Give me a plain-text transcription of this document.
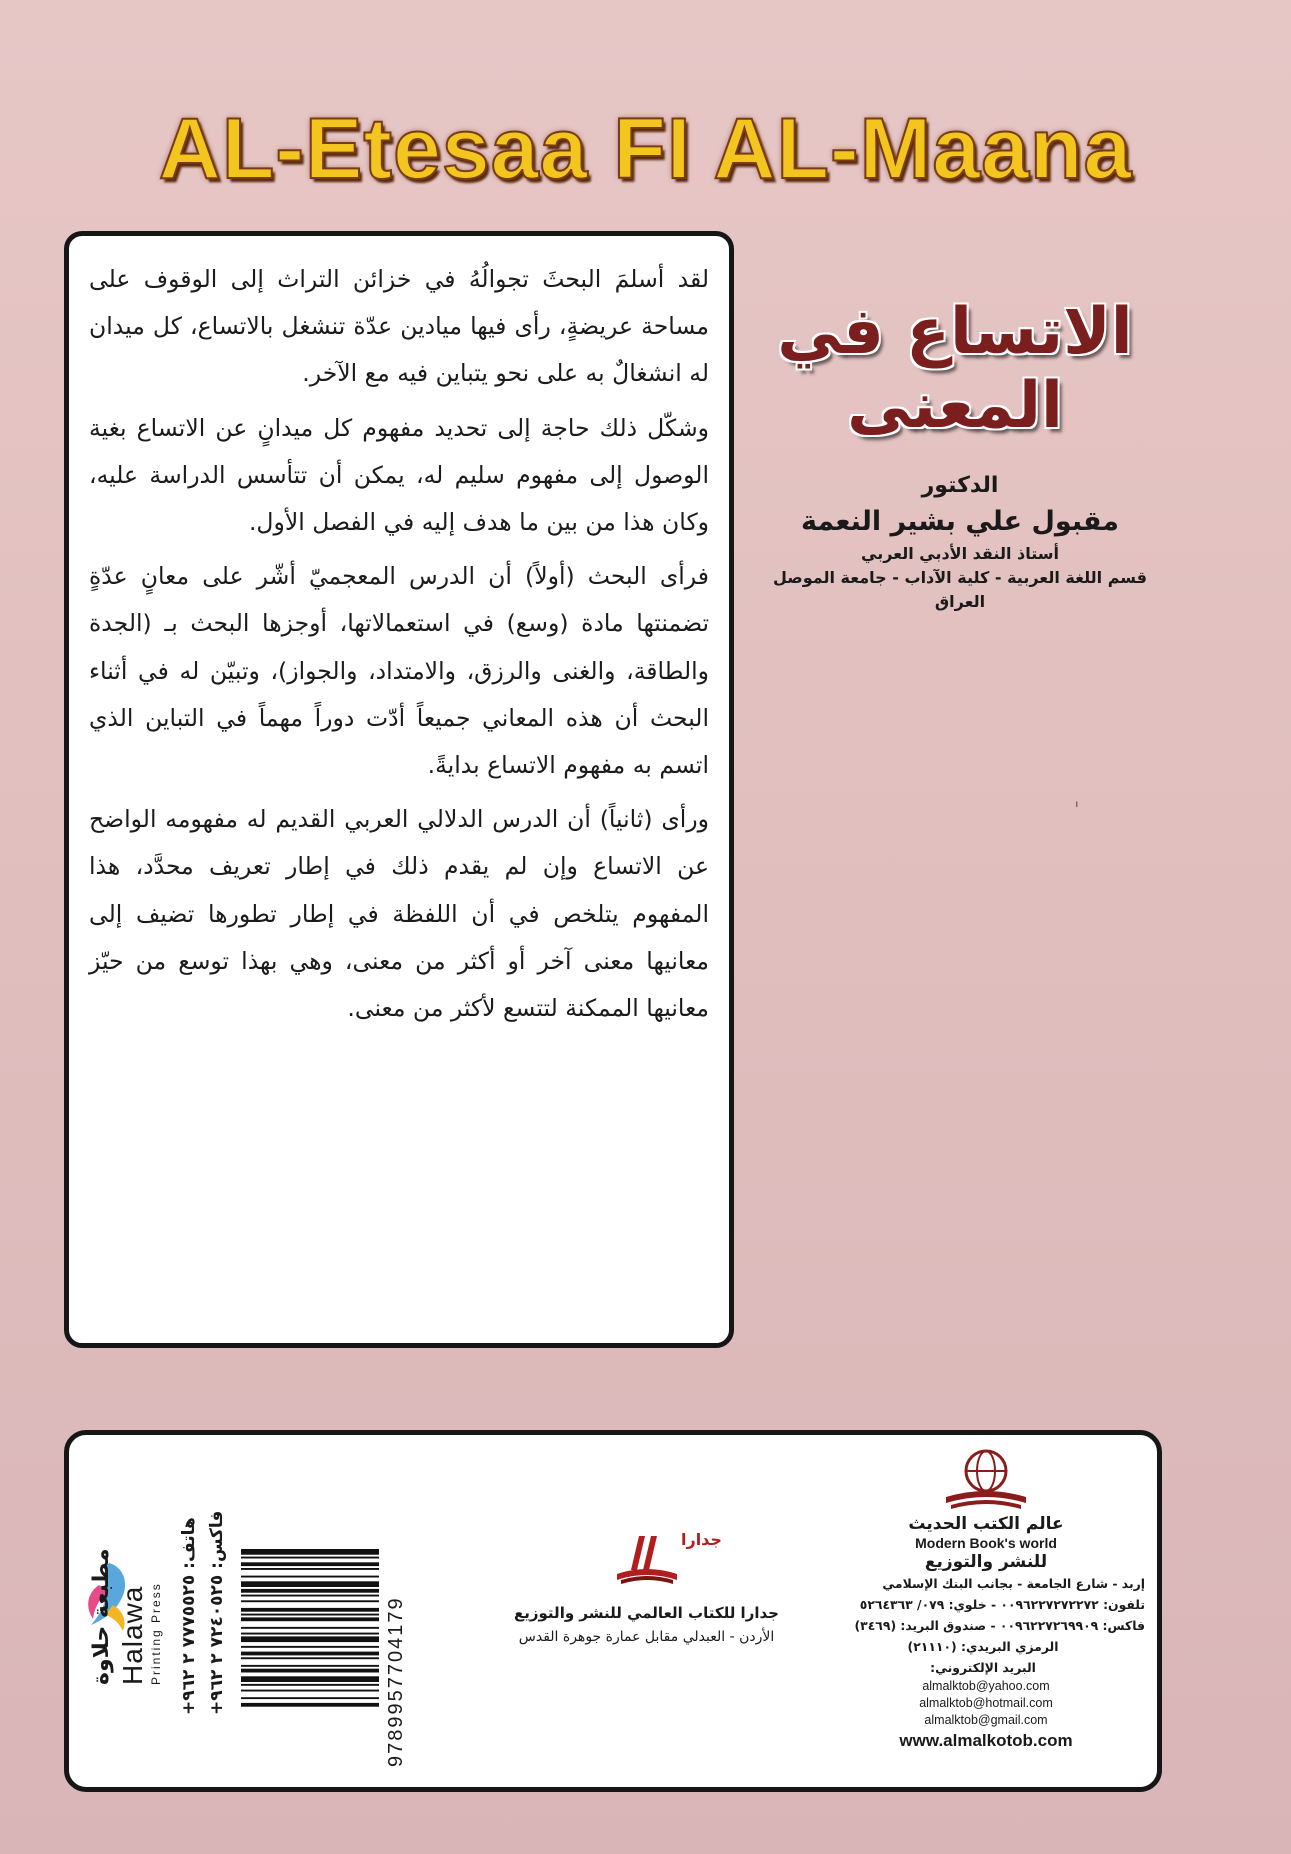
AL-Etesaa FI AL-Maana

لقد أسلمَ البحثَ تجوالُهُ في خزائن التراث إلى الوقوف على مساحة عريضةٍ، رأى فيها ميادين عدّة تنشغل بالاتساع، كل ميدان له انشغالٌ به على نحو يتباين فيه مع الآخر.

وشكّل ذلك حاجة إلى تحديد مفهوم كل ميدانٍ عن الاتساع بغية الوصول إلى مفهوم سليم له، يمكن أن تتأسس الدراسة عليه، وكان هذا من بين ما هدف إليه في الفصل الأول.

فرأى البحث (أولاً) أن الدرس المعجميّ أشّر على معانٍ عدّةٍ تضمنتها مادة (وسع) في استعمالاتها، أوجزها البحث بـ (الجدة والطاقة، والغنى والرزق، والامتداد، والجواز)، وتبيّن له في أثناء البحث أن هذه المعاني جميعاً أدّت دوراً مهماً في التباين الذي اتسم به مفهوم الاتساع بدايةً.

ورأى (ثانياً) أن الدرس الدلالي العربي القديم له مفهومه الواضح عن الاتساع وإن لم يقدم ذلك في إطار تعريف محدَّد، هذا المفهوم يتلخص في أن اللفظة في إطار تطورها تضيف إلى معانيها معنى آخر أو أكثر من معنى، وهي بهذا توسع من حيّز معانيها الممكنة لتتسع لأكثر من معنى.

الاتساع في المعنى
الدكتور
مقبول علي بشير النعمة
أستاذ النقد الأدبي العربي
قسم اللغة العربية - كلية الآداب - جامعة الموصل
العراق
ˌ
مطبعة حلاوة Halawa Printing Press
هاتف: ٧٧٧٥٥٢٥ ٢ ٩٦٢+
فاكس: ٧٢٤٠٥٢٥ ٢ ٩٦٢+
9789957704179
جدارا
جدارا للكتاب العالمي للنشر والتوزيع
الأردن - العبدلي مقابل عمارة جوهرة القدس
عالم الكتب الحديث
Modern Book's world
للنشر والتوزيع
إربد - شارع الجامعة - بجانب البنك الإسلامي
تلفون: ٠٠٩٦٢٢٧٢٧٢٢٧٢ - خلوي: ٠٧٩/ ٥٢٦٤٣٦٣
فاكس: ٠٠٩٦٢٢٧٢٦٩٩٠٩ - صندوق البريد: (٣٤٦٩)
الرمزي البريدي: (٢١١١٠)
البريد الإلكتروني:
almalktob@yahoo.com
almalktob@hotmail.com
almalktob@gmail.com
www.almalkotob.com
